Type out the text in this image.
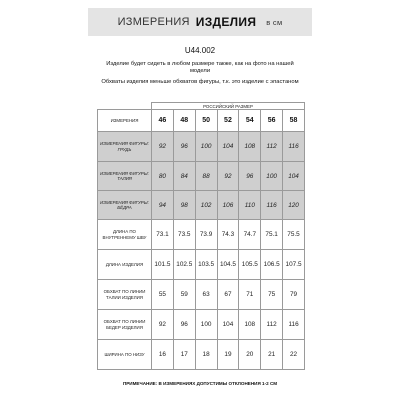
ИЗМЕРЕНИЯ ИЗДЕЛИЯ в см
U44.002
Изделие будет сидеть в любом размере также, как на фото на нашей модели
Обхваты изделия меньше обхватов фигуры, т.к. это изделие с эпастаном
	РОССИЙСКИЙ РАЗМЕР						
ИЗМЕРЕНИЯ	46	48	50	52	54	56	58
ИЗМЕРЕНИЯ ФИГУРЫ: ГРУДЬ	92	96	100	104	108	112	116
ИЗМЕРЕНИЯ ФИГУРЫ: ТАЛИЯ	80	84	88	92	96	100	104
ИЗМЕРЕНИЯ ФИГУРЫ: БЁДРА	94	98	102	106	110	116	120
ДЛИНА ПО ВНУТРЕННЕМУ ШВУ	73.1	73.5	73.9	74.3	74.7	75.1	75.5
ДЛИНА ИЗДЕЛИЯ	101.5	102.5	103.5	104.5	105.5	106.5	107.5
ОБХВАТ ПО ЛИНИИ ТАЛИИ ИЗДЕЛИЯ	55	59	63	67	71	75	79
ОБХВАТ ПО ЛИНИИ БЕДЕР ИЗДЕЛИЯ	92	96	100	104	108	112	116
ШИРИНА ПО НИЗУ	16	17	18	19	20	21	22
ПРИМЕЧАНИЕ: В ИЗМЕРЕНИЯХ ДОПУСТИМЫ ОТКЛОНЕНИЯ 1-2 СМ
